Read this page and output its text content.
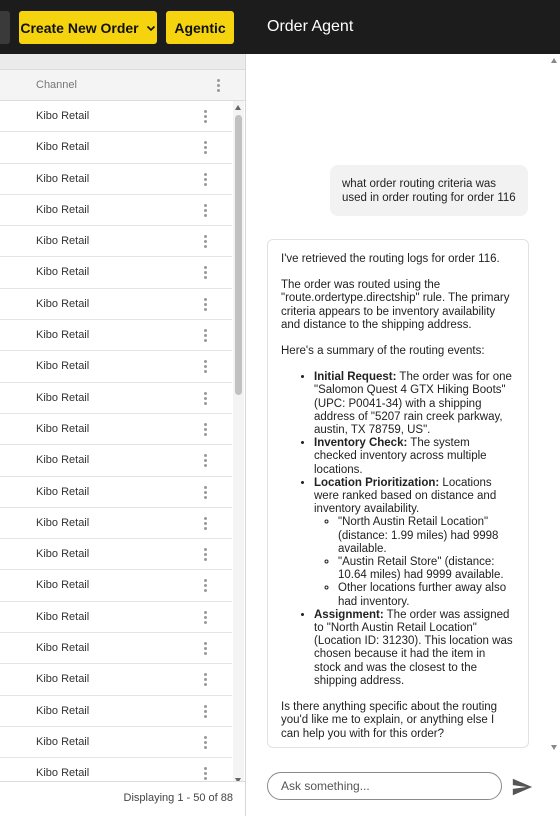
Create New Order	Agentic	Order Agent
Channel
Kibo Retail
Kibo Retail
Kibo Retail
Kibo Retail
Kibo Retail
Kibo Retail
Kibo Retail
Kibo Retail
Kibo Retail
Kibo Retail
Kibo Retail
Kibo Retail
Kibo Retail
Kibo Retail
Kibo Retail
Kibo Retail
Kibo Retail
Kibo Retail
Kibo Retail
Kibo Retail
Kibo Retail
Kibo Retail
Displaying 1 - 50 of 88
what order routing criteria was used in order routing for order 116

I've retrieved the routing logs for order 116.

The order was routed using the "route.ordertype.directship" rule. The primary criteria appears to be inventory availability and distance to the shipping address.

Here's a summary of the routing events:

• Initial Request: The order was for one "Salomon Quest 4 GTX Hiking Boots" (UPC: P0041-34) with a shipping address of "5207 rain creek parkway, austin, TX 78759, US".
• Inventory Check: The system checked inventory across multiple locations.
• Location Prioritization: Locations were ranked based on distance and inventory availability.
◦ "North Austin Retail Location" (distance: 1.99 miles) had 9998 available.
◦ "Austin Retail Store" (distance: 10.64 miles) had 9999 available.
◦ Other locations further away also had inventory.
• Assignment: The order was assigned to "North Austin Retail Location" (Location ID: 31230). This location was chosen because it had the item in stock and was the closest to the shipping address.

Is there anything specific about the routing you'd like me to explain, or anything else I can help you with for this order?

Ask something...
